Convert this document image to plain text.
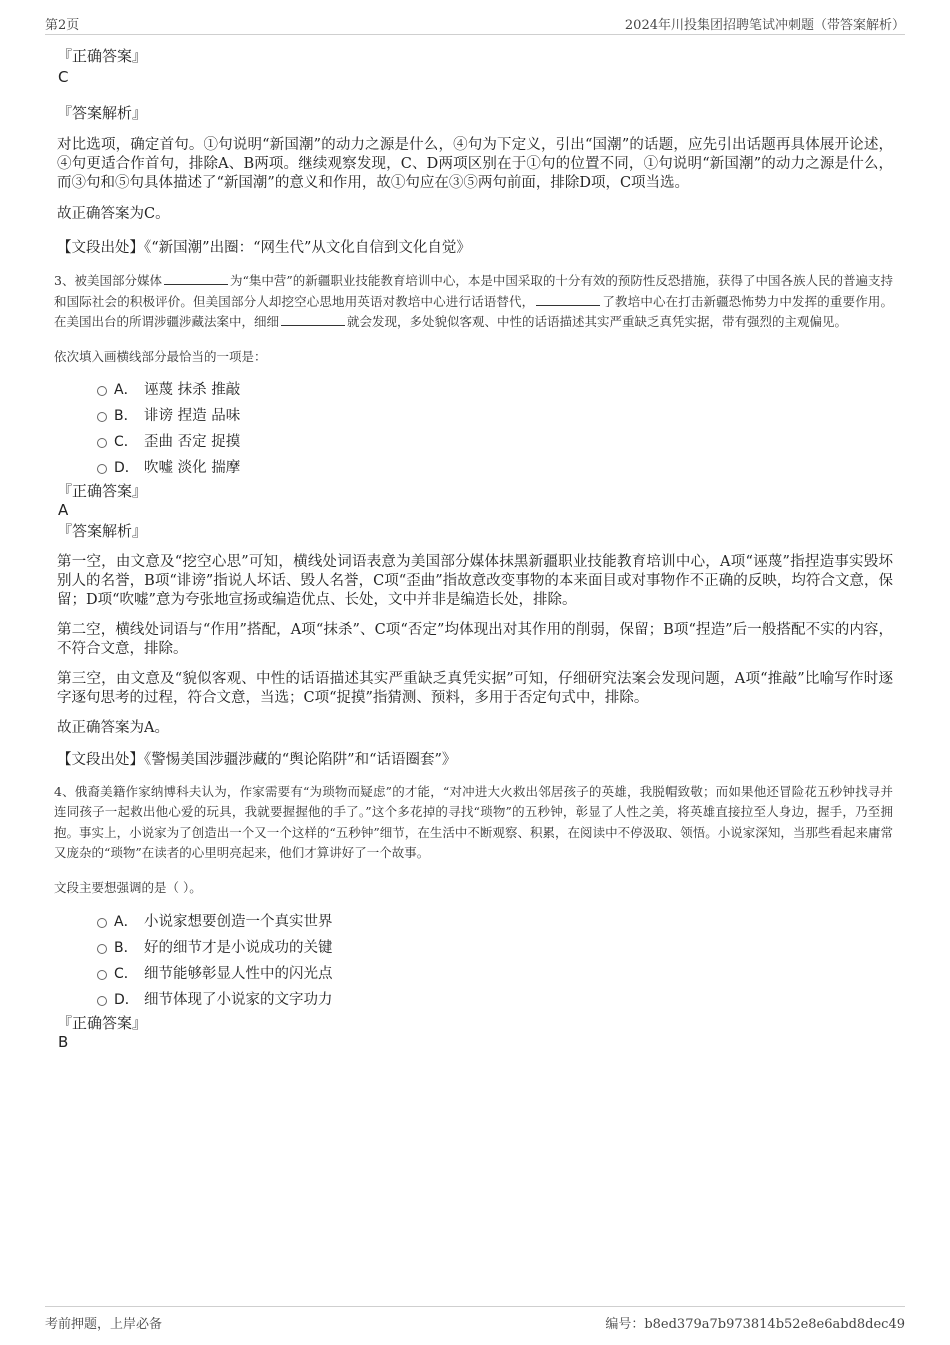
第2页	2024年川投集团招聘笔试冲刺题（带答案解析）

『正确答案』

C

『答案解析』

对比选项，确定首句。①句说明“新国潮”的动力之源是什么，④句为下定义，引出“国潮”的话题，应先引出话题再具体展开论述，④句更适合作首句，排除A、B两项。继续观察发现，C、D两项区别在于①句的位置不同，①句说明“新国潮”的动力之源是什么，而③句和⑤句具体描述了“新国潮”的意义和作用，故①句应在③⑤两句前面，排除D项，C项当选。

故正确答案为C。

【文段出处】《“新国潮”出圈：“网生代”从文化自信到文化自觉》

3、被美国部分媒体	为“集中营”的新疆职业技能教育培训中心，本是中国采取的十分有效的预防性反恐措施，获得了中国各族人民的普遍支持和国际社会的积极评价。但美国部分人却挖空心思地用英语对教培中心进行话语替代，	了教培中心在打击新疆恐怖势力中发挥的重要作用。在美国出台的所谓涉疆涉藏法案中，细细	就会发现，多处貌似客观、中性的话语描述其实严重缺乏真凭实据，带有强烈的主观偏见。

依次填入画横线部分最恰当的一项是：

A． 诬蔑 抹杀 推敲
B． 诽谤 捏造 品味
C． 歪曲 否定 捉摸
D． 吹嘘 淡化 揣摩

『正确答案』

A

『答案解析』

第一空，由文意及“挖空心思”可知，横线处词语表意为美国部分媒体抹黑新疆职业技能教育培训中心，A项“诬蔑”指捏造事实毁坏别人的名誉，B项“诽谤”指说人坏话、毁人名誉，C项“歪曲”指故意改变事物的本来面目或对事物作不正确的反映，均符合文意，保留；D项“吹嘘”意为夸张地宣扬或编造优点、长处，文中并非是编造长处，排除。

第二空，横线处词语与“作用”搭配，A项“抹杀”、C项“否定”均体现出对其作用的削弱，保留；B项“捏造”后一般搭配不实的内容，不符合文意，排除。

第三空，由文意及“貌似客观、中性的话语描述其实严重缺乏真凭实据”可知，仔细研究法案会发现问题，A项“推敲”比喻写作时逐字逐句思考的过程，符合文意，当选；C项“捉摸”指猜测、预料，多用于否定句式中，排除。

故正确答案为A。

【文段出处】《警惕美国涉疆涉藏的“舆论陷阱”和“话语圈套”》

4、俄裔美籍作家纳博科夫认为，作家需要有“为琐物而疑虑”的才能，“对冲进大火救出邻居孩子的英雄，我脱帽致敬；而如果他还冒险花五秒钟找寻并连同孩子一起救出他心爱的玩具，我就要握握他的手了。”这个多花掉的寻找“琐物”的五秒钟，彰显了人性之美，将英雄直接拉至人身边，握手，乃至拥抱。事实上，小说家为了创造出一个又一个这样的“五秒钟”细节，在生活中不断观察、积累，在阅读中不停汲取、领悟。小说家深知，当那些看起来庸常又庞杂的“琐物”在读者的心里明亮起来，他们才算讲好了一个故事。

文段主要想强调的是（ ）。

A． 小说家想要创造一个真实世界
B． 好的细节才是小说成功的关键
C． 细节能够彰显人性中的闪光点
D． 细节体现了小说家的文字功力

『正确答案』

B

考前押题，上岸必备	编号：b8ed379a7b973814b52e8e6abd8dec49
